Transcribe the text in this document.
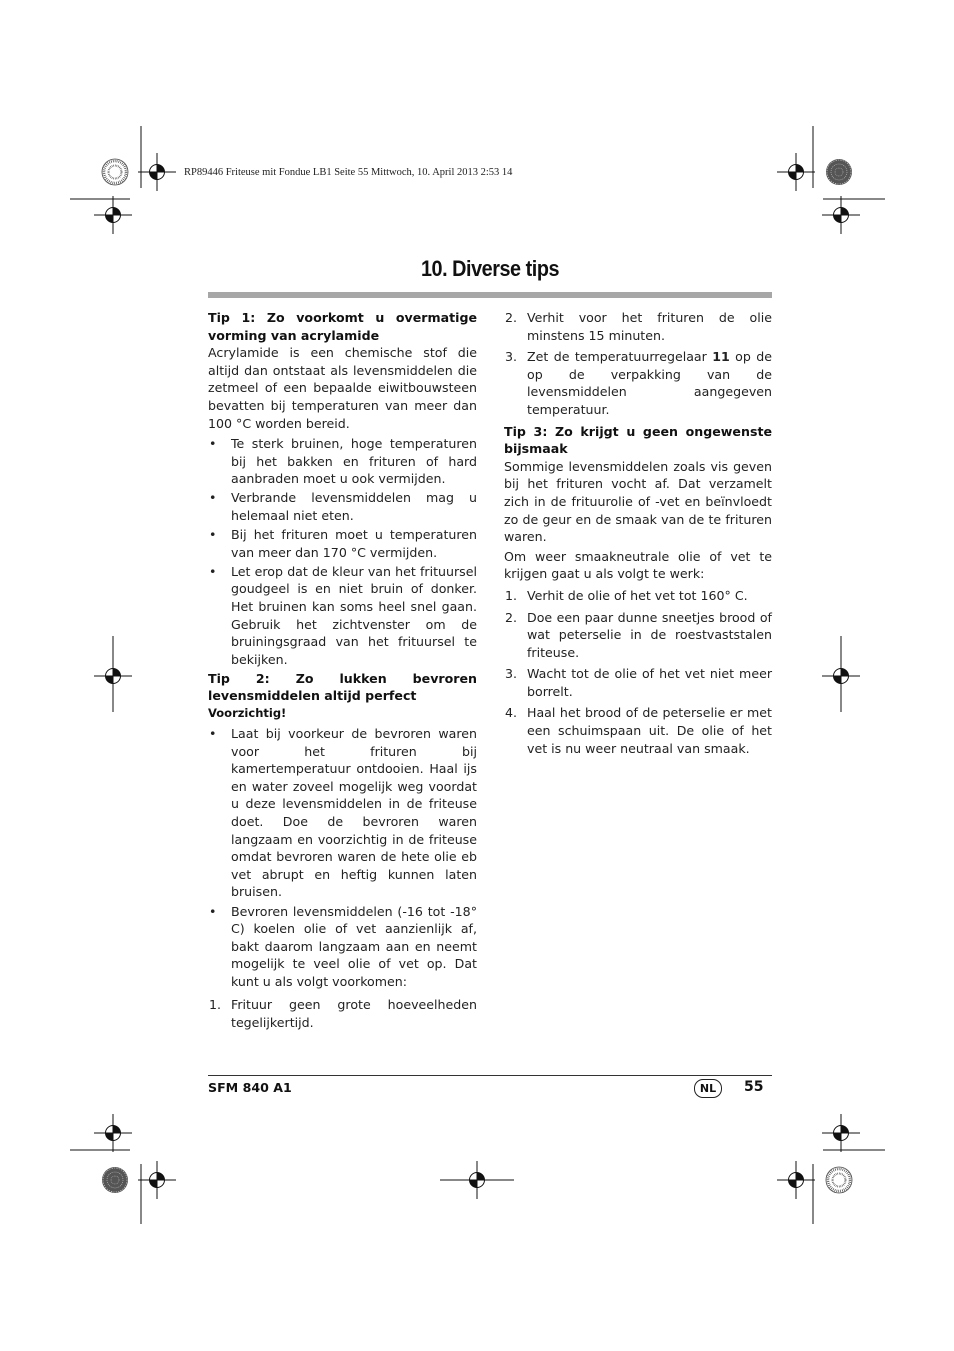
RP89446 Friteuse mit Fondue LB1 Seite 55 Mittwoch, 10. April 2013 2:53 14
10. Diverse tips
Tip 1: Zo voorkomt u overmatige vorming van acrylamide

Acrylamide is een chemische stof die altijd dan ontstaat als levensmiddelen die zetmeel of een bepaalde eiwitbouwsteen bevatten bij temperaturen van meer dan 100 °C worden bereid.

• Te sterk bruinen, hoge temperaturen bij het bakken en frituren of hard aanbraden moet u ook vermijden.
• Verbrande levensmiddelen mag u helemaal niet eten.
• Bij het frituren moet u temperaturen van meer dan 170 °C vermijden.
• Let erop dat de kleur van het frituursel goudgeel is en niet bruin of donker. Het bruinen kan soms heel snel gaan. Gebruik het zichtvenster om de bruiningsgraad van het frituursel te bekijken.
Tip 2: Zo lukken bevroren levensmiddelen altijd perfect
Voorzichtig!
• Laat bij voorkeur de bevroren waren voor het frituren bij kamertemperatuur ontdooien. Haal ijs en water zoveel mogelijk weg voordat u deze levensmiddelen in de friteuse doet. Doe de bevroren waren langzaam en voorzichtig in de friteuse omdat bevroren waren de hete olie eb vet abrupt en heftig kunnen laten bruisen.
• Bevroren levensmiddelen (-16 tot -18° C) koelen olie of vet aanzienlijk af, bakt daarom langzaam aan en neemt mogelijk te veel olie of vet op. Dat kunt u als volgt voorkomen:
1. Frituur geen grote hoeveelheden tegelijkertijd.
2. Verhit voor het frituren de olie minstens 15 minuten.
3. Zet de temperatuurregelaar 11 op de op de verpakking van de levensmiddelen aangegeven temperatuur.
Tip 3: Zo krijgt u geen ongewenste bijsmaak

Sommige levensmiddelen zoals vis geven bij het frituren vocht af. Dat verzamelt zich in de frituurolie of -vet en beïnvloedt zo de geur en de smaak van de te frituren waren.

Om weer smaakneutrale olie of vet te krijgen gaat u als volgt te werk:

1. Verhit de olie of het vet tot 160° C.
2. Doe een paar dunne sneetjes brood of wat peterselie in de roestvaststalen friteuse.
3. Wacht tot de olie of het vet niet meer borrelt.
4. Haal het brood of de peterselie er met een schuimspaan uit. De olie of het vet is nu weer neutraal van smaak.
SFM 840 A1	NL	55
